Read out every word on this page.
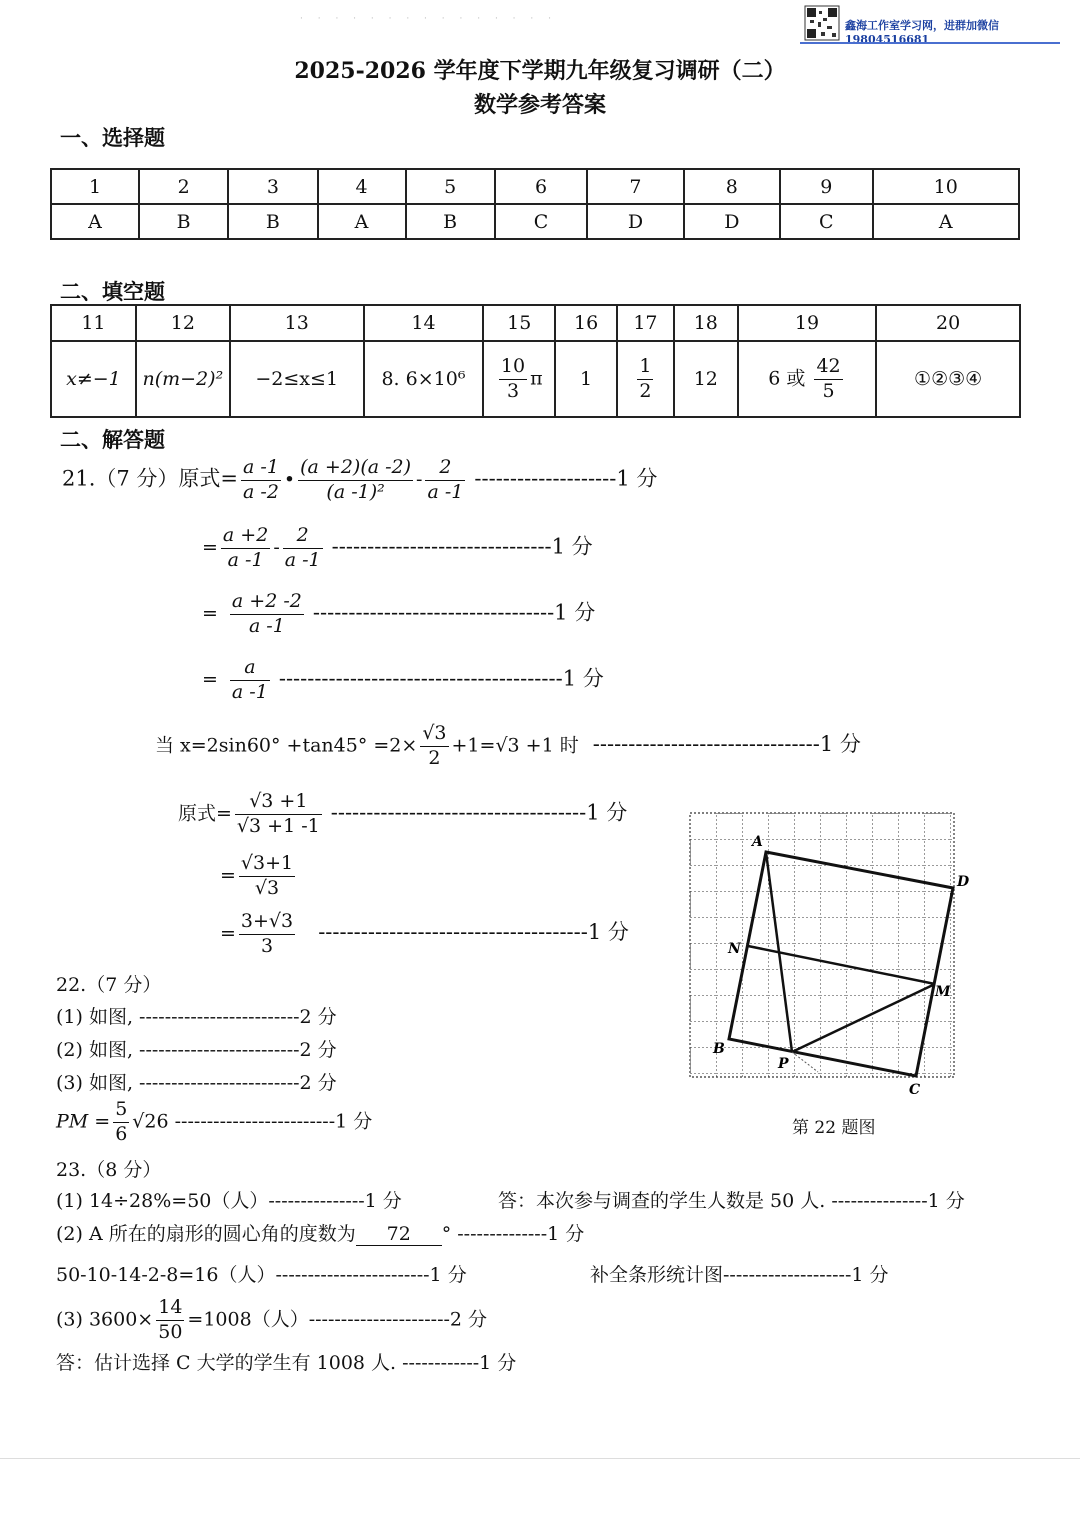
· · · · · · · · · · · · · · ·	鑫海工作室学习网，进群加微信19804516681
2025-2026 学年度下学期九年级复习调研（二）
数学参考答案
一、选择题
1	2	3	4	5	6	7	8	9	10
A	B	B	A	B	C	D	D	C	A
二、填空题
11	12	13	14	15	16	17	18	19	20
x≠−1	n(m−2)²	−2≤x≤1	8. 6×10⁶	$\frac{10}{3}$ π	1	$\frac{1}{2}$	12	6 或 $\frac{42}{5}$	①②③④
二、解答题
21.（7 分）原式= $\frac{a -1}{a -2}$ • $\frac{(a +2)(a -2)}{\text{(a -1)²}} - \frac{2}{a -1} --------------------1$ 分
= $\frac{a +2}{a -1} - \frac{2}{a -1} -------------------------------1$ 分
= $\frac{a +2 -2}{a -1} ----------------------------------1$ 分
= $\frac{a}{a -1} ----------------------------------------1$ 分
当 $x=2\sin 60^\circ +\tan 45^\circ =2\times \frac{√3}{2} +1=√3 +1$ 时 --------------------------------1 分
原式= $\frac{√3 +1}{√3 +1 -1} ------------------------------------1$ 分
= $\frac{√3+1}{√3}$
= $\frac{3+√3}{3} --------------------------------------1$ 分
22.（7 分）
(1) 如图, -------------------------2 分
(2) 如图, -------------------------2 分
(3) 如图, -------------------------2 分
PM = $\frac{5}{6} √26$ -------------------------1 分
A
D
N
M
B
P
C
第 22 题图
23.（8 分）
(1) 14÷28%=50（人）---------------1 分	答：本次参与调查的学生人数是 50 人. ---------------1 分
(2) A 所在的扇形的圆心角的度数为 72 ° --------------1 分
50-10-14-2-8=16（人）------------------------1 分	补全条形统计图--------------------1 分
(3) $3600\times \frac{14}{50} =1008$（人）----------------------2 分
答：估计选择 C 大学的学生有 1008 人. ------------1 分
